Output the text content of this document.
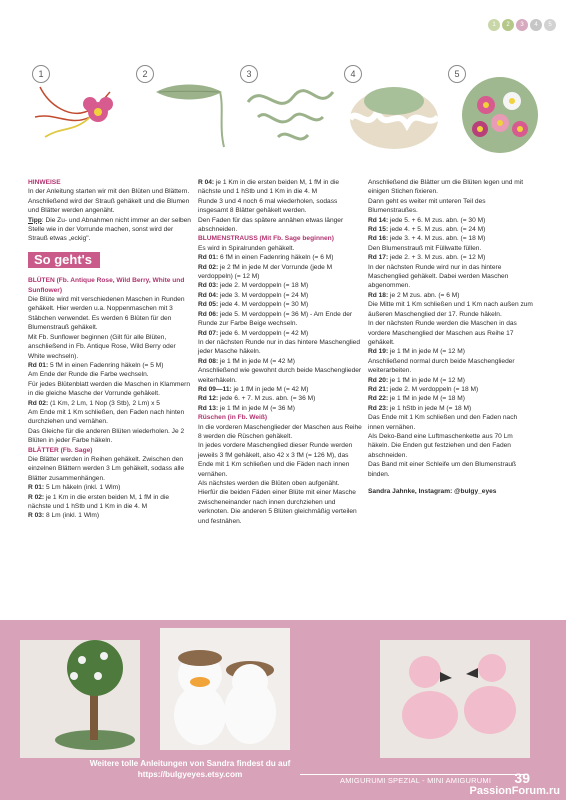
1	2	3	4	5
1	2	3	4	5

HINWEISE

In der Anleitung starten wir mit den Blüten und Blättern. Anschließend wird der Strauß gehäkelt und die Blumen und Blätter werden angenäht.

Tipp: Die Zu- und Abnahmen nicht immer an der selben Stelle wie in der Vorrunde machen, sonst wird der Strauß etwas „eckig".

So geht's

BLÜTEN (Fb. Antique Rose, Wild Berry, White und Sunflower)

Die Blüte wird mit verschiedenen Maschen in Runden gehäkelt. Hier werden u.a. Noppenmaschen mit 3 Stäbchen verwendet. Es werden 6 Blüten für den Blumenstrauß gehäkelt.

Mit Fb. Sunflower beginnen (Gilt für alle Blüten, anschließend in Fb. Antique Rose, Wild Berry oder White wechseln).

Rd 01: 5 fM in einen Fadenring häkeln (= 5 M)

Am Ende der Runde die Farbe wechseln.

Für jedes Blütenblatt werden die Maschen in Klammern in die gleiche Masche der Vorrunde gehäkelt.

Rd 02: (1 Km, 2 Lm, 1 Nop (3 Stb), 2 Lm) x 5

Am Ende mit 1 Km schließen, den Faden nach hinten durchziehen und vernähen.

Das Gleiche für die anderen Blüten wiederholen. Je 2 Blüten in jeder Farbe häkeln.

BLÄTTER (Fb. Sage)

Die Blätter werden in Reihen gehäkelt. Zwischen den einzelnen Blättern werden 3 Lm gehäkelt, sodass alle Blätter zusammenhängen.

R 01: 5 Lm häkeln (inkl. 1 Wlm)

R 02: je 1 Km in die ersten beiden M, 1 fM in die nächste und 1 hStb und 1 Km in die 4. M

R 03: 8 Lm (inkl. 1 Wlm)

R 04: je 1 Km in die ersten beiden M, 1 fM in die nächste und 1 hStb und 1 Km in die 4. M

Runde 3 und 4 noch 6 mal wiederholen, sodass insgesamt 8 Blätter gehäkelt werden.

Den Faden für das spätere annähen etwas länger abschneiden.

BLUMENSTRAUSS (Mit Fb. Sage beginnen)

Es wird in Spiralrunden gehäkelt.

Rd 01: 6 fM in einen Fadenring häkeln (= 6 M)

Rd 02: je 2 fM in jede M der Vorrunde (jede M verdoppeln) (= 12 M)

Rd 03: jede 2. M verdoppeln (= 18 M)

Rd 04: jede 3. M verdoppeln (= 24 M)

Rd 05: jede 4. M verdoppeln (= 30 M)

Rd 06: jede 5. M verdoppeln (= 36 M) - Am Ende der Runde zur Farbe Beige wechseln.

Rd 07: jede 6. M verdoppeln (= 42 M)

In der nächsten Runde nur in das hintere Maschenglied jeder Masche häkeln.

Rd 08: je 1 fM in jede M (= 42 M)

Anschließend wie gewohnt durch beide Maschenglieder weiterhäkeln.

Rd 09—11: je 1 fM in jede M (= 42 M)

Rd 12: jede 6. + 7. M zus. abn. (= 36 M)

Rd 13: je 1 fM in jede M (= 36 M)

Rüschen (in Fb. Weiß)

In die vorderen Maschenglieder der Maschen aus Reihe 8 werden die Rüschen gehäkelt.

In jedes vordere Maschenglied dieser Runde werden jeweils 3 fM gehäkelt, also 42 x 3 fM (= 126 M), das Ende mit 1 Km schließen und die Fäden nach innen vernähen.

Als nächstes werden die Blüten oben aufgenäht.

Hierfür die beiden Fäden einer Blüte mit einer Masche zwischeneinander nach innen durchziehen und verknoten. Die anderen 5 Blüten gleichmäßig verteilen und festnähen.

Anschließend die Blätter um die Blüten legen und mit einigen Stichen fixieren.

Dann geht es weiter mit unteren Teil des Blumenstraußes.

Rd 14: jede 5. + 6. M zus. abn. (= 30 M)

Rd 15: jede 4. + 5. M zus. abn. (= 24 M)

Rd 16: jede 3. + 4. M zus. abn. (= 18 M)

Den Blumenstrauß mit Füllwatte füllen.

Rd 17: jede 2. + 3. M zus. abn. (= 12 M)

In der nächsten Runde wird nur in das hintere Maschenglied gehäkelt. Dabei werden Maschen abgenommen.

Rd 18: je 2 M zus. abn. (= 6 M)

Die Mitte mit 1 Km schließen und 1 Km nach außen zum äußeren Maschenglied der 17. Runde häkeln.

In der nächsten Runde werden die Maschen in das vordere Maschenglied der Maschen aus Reihe 17 gehäkelt.

Rd 19: je 1 fM in jede M (= 12 M)

Anschließend normal durch beide Maschenglieder weiterarbeiten.

Rd 20: je 1 fM in jede M (= 12 M)

Rd 21: jede 2. M verdoppeln (= 18 M)

Rd 22: je 1 fM in jede M (= 18 M)

Rd 23: je 1 hStb in jede M (= 18 M)

Das Ende mit 1 Km schließen und den Faden nach innen vernähen.

Als Deko-Band eine Luftmaschenkette aus 70 Lm häkeln. Die Enden gut festziehen und den Faden abschneiden.

Das Band mit einer Schleife um den Blumenstrauß binden.

Sandra Jahnke, Instagram: @bulgy_eyes

Weitere tolle Anleitungen von Sandra findest du auf
https://bulgyeyes.etsy.com
AMIGURUMI SPEZIAL - MINI AMIGURUMI 39
PassionForum.ru
